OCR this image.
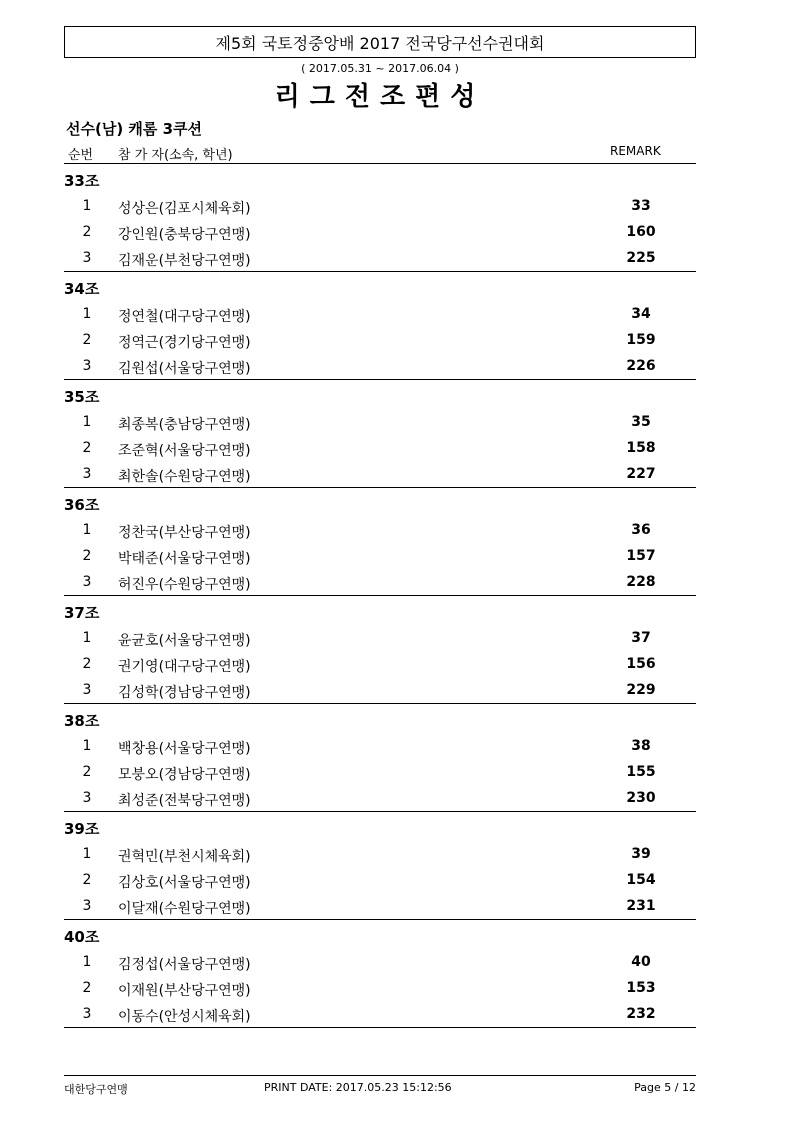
제5회 국토정중앙배 2017 전국당구선수권대회
( 2017.05.31 ~ 2017.06.04 )
리그전조편성
선수(남) 캐롬 3쿠션
순번 참 가 자(소속, 학년)	REMARK
33조
1 성상은(김포시체육회)	33
2 강인원(충북당구연맹)	160
3 김재운(부천당구연맹)	225
34조
1 정연철(대구당구연맹)	34
2 정역근(경기당구연맹)	159
3 김원섭(서울당구연맹)	226
35조
1 최종복(충남당구연맹)	35
2 조준혁(서울당구연맹)	158
3 최한솔(수원당구연맹)	227
36조
1 정찬국(부산당구연맹)	36
2 박태준(서울당구연맹)	157
3 허진우(수원당구연맹)	228
37조
1 윤균호(서울당구연맹)	37
2 권기영(대구당구연맹)	156
3 김성학(경남당구연맹)	229
38조
1 백창용(서울당구연맹)	38
2 모붕오(경남당구연맹)	155
3 최성준(전북당구연맹)	230
39조
1 권혁민(부천시체육회)	39
2 김상호(서울당구연맹)	154
3 이달재(수원당구연맹)	231
40조
1 김정섭(서울당구연맹)	40
2 이재원(부산당구연맹)	153
3 이동수(안성시체육회)	232
대한당구연맹	PRINT DATE: 2017.05.23 15:12:56	Page 5 / 12
